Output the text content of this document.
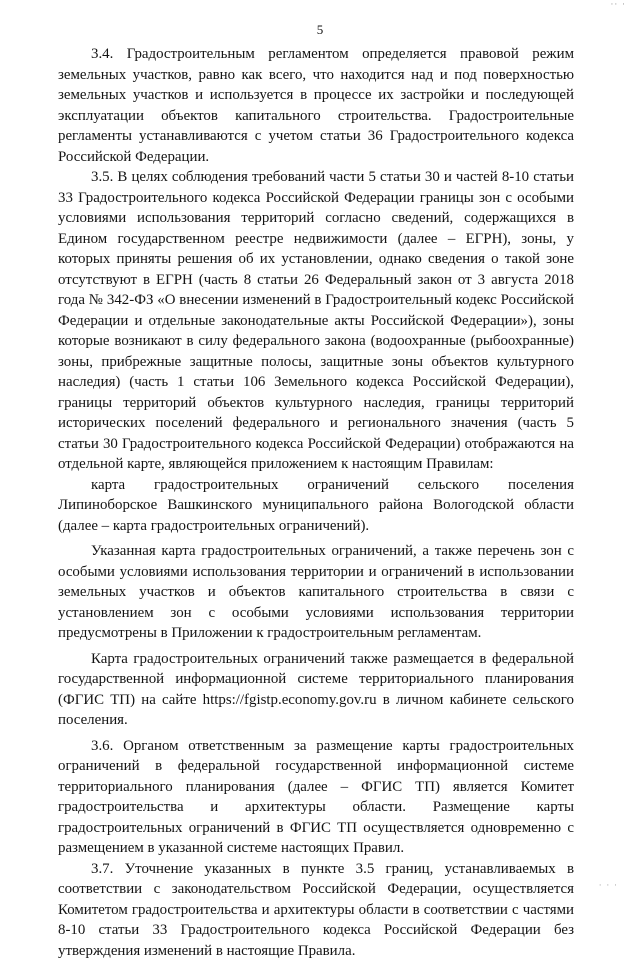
·· ·
5

3.4. Градостроительным регламентом определяется правовой режим земельных участков, равно как всего, что находится над и под поверхностью земельных участков и используется в процессе их застройки и последующей эксплуатации объектов капитального строительства. Градостроительные регламенты устанавливаются с учетом статьи 36 Градостроительного кодекса Российской Федерации.

3.5. В целях соблюдения требований части 5 статьи 30 и частей 8-10 статьи 33 Градостроительного кодекса Российской Федерации границы зон с особыми условиями использования территорий согласно сведений, содержащихся в Едином государственном реестре недвижимости (далее – ЕГРН), зоны, у которых приняты решения об их установлении, однако сведения о такой зоне отсутствуют в ЕГРН (часть 8 статьи 26 Федеральный закон от 3 августа 2018 года № 342-ФЗ «О внесении изменений в Градостроительный кодекс Российской Федерации и отдельные законодательные акты Российской Федерации»), зоны которые возникают в силу федерального закона (водоохранные (рыбоохранные) зоны, прибрежные защитные полосы, защитные зоны объектов культурного наследия) (часть 1 статьи 106 Земельного кодекса Российской Федерации), границы территорий объектов культурного наследия, границы территорий исторических поселений федерального и регионального значения (часть 5 статьи 30 Градостроительного кодекса Российской Федерации) отображаются на отдельной карте, являющейся приложением к настоящим Правилам:

карта градостроительных ограничений сельского поселения Липиноборское Вашкинского муниципального района Вологодской области (далее – карта градостроительных ограничений).

Указанная карта градостроительных ограничений, а также перечень зон с особыми условиями использования территории и ограничений в использовании земельных участков и объектов капитального строительства в связи с установлением зон с особыми условиями использования территории предусмотрены в Приложении к градостроительным регламентам.

Карта градостроительных ограничений также размещается в федеральной государственной информационной системе территориального планирования (ФГИС ТП) на сайте https://fgistp.economy.gov.ru в личном кабинете сельского поселения.

3.6. Органом ответственным за размещение карты градостроительных ограничений в федеральной государственной информационной системе территориального планирования (далее – ФГИС ТП) является Комитет градостроительства и архитектуры области. Размещение карты градостроительных ограничений в ФГИС ТП осуществляется одновременно с размещением в указанной системе настоящих Правил.

3.7. Уточнение указанных в пункте 3.5 границ, устанавливаемых в соответствии с законодательством Российской Федерации, осуществляется Комитетом градостроительства и архитектуры области в соответствии с частями 8-10 статьи 33 Градостроительного кодекса Российской Федерации без утверждения изменений в настоящие Правила.

· · ·
